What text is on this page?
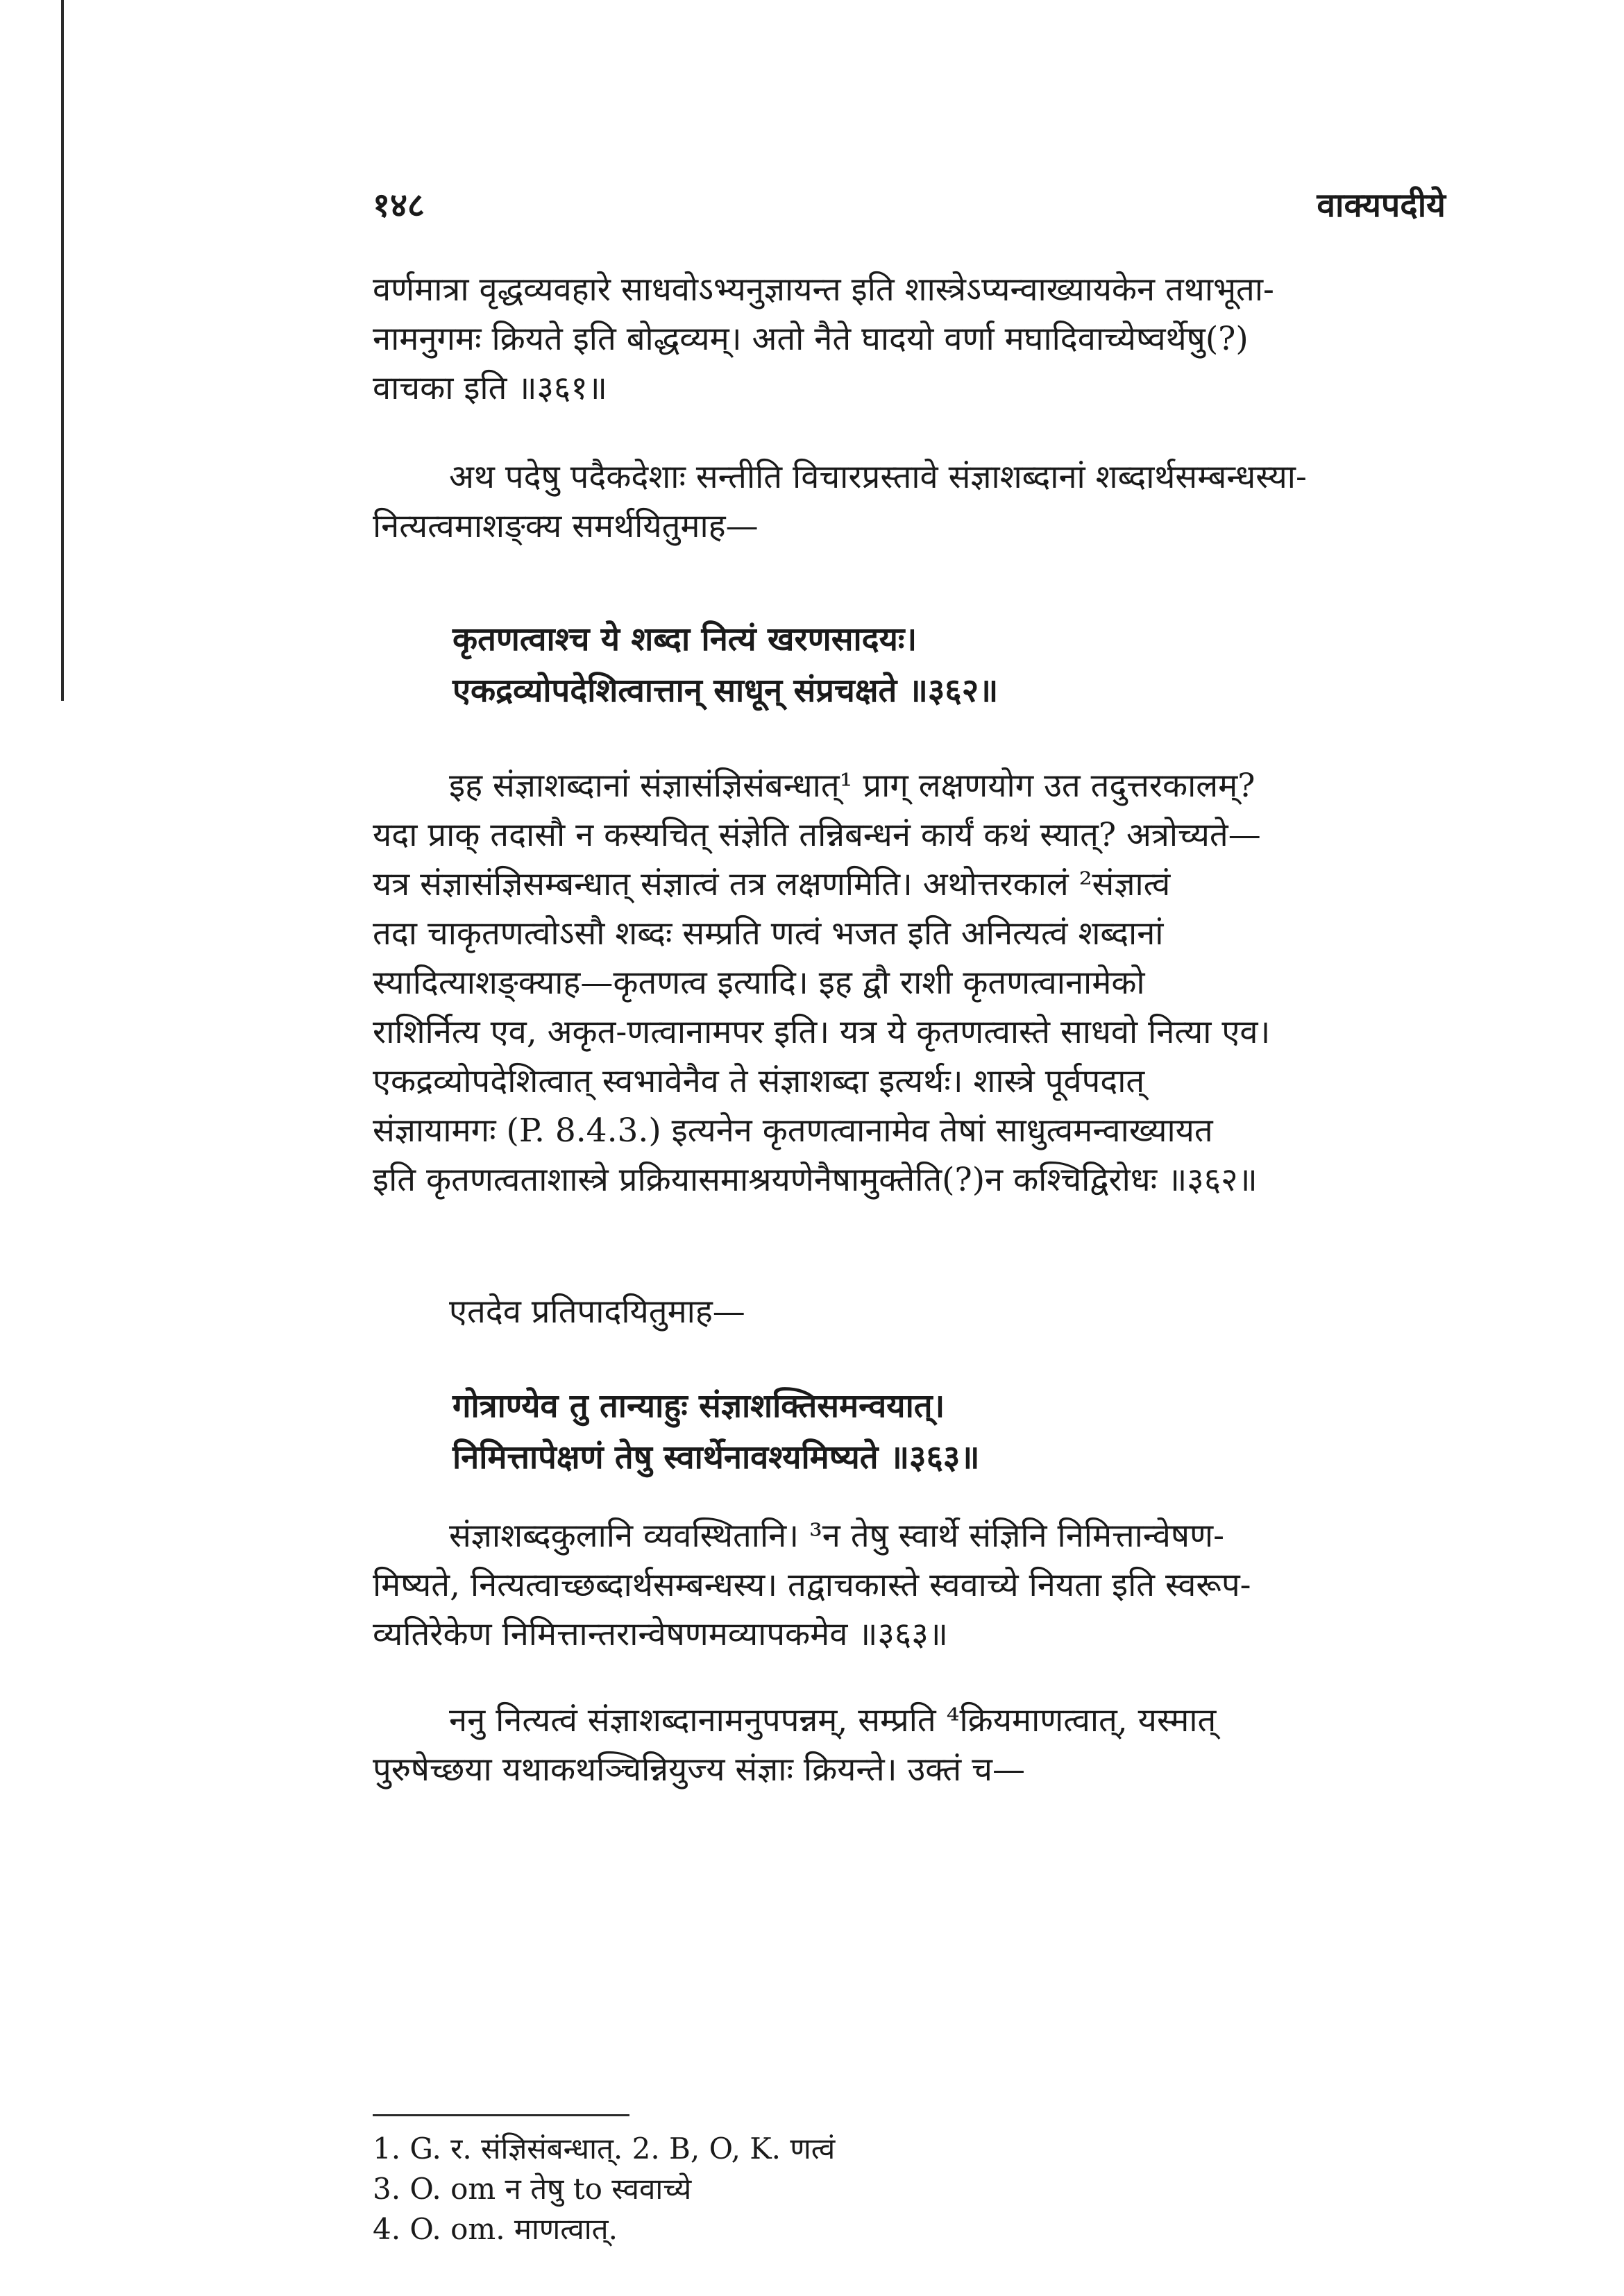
१४८	वाक्यपदीये
वर्णमात्रा वृद्धव्यवहारे साधवोऽभ्यनुज्ञायन्त इति शास्त्रेऽप्यन्वाख्यायकेन तथाभूता-
नामनुगमः क्रियते इति बोद्धव्यम्। अतो नैते घादयो वर्णा मघादिवाच्येष्वर्थेषु(?)
वाचका इति ॥३६१॥
अथ पदेषु पदैकदेशाः सन्तीति विचारप्रस्तावे संज्ञाशब्दानां शब्दार्थसम्बन्धस्या-
नित्यत्वमाशङ्क्य समर्थयितुमाह—
कृतणत्वाश्च ये शब्दा नित्यं खरणसादयः।
एकद्रव्योपदेशित्वात्तान् साधून् संप्रचक्षते ॥३६२॥
इह संज्ञाशब्दानां संज्ञासंज्ञिसंबन्धात्¹ प्राग् लक्षणयोग उत तदुत्तरकालम्?
यदा प्राक् तदासौ न कस्यचित् संज्ञेति तन्निबन्धनं कार्यं कथं स्यात्? अत्रोच्यते—
यत्र संज्ञासंज्ञिसम्बन्धात् संज्ञात्वं तत्र लक्षणमिति। अथोत्तरकालं ²संज्ञात्वं
तदा चाकृतणत्वोऽसौ शब्दः सम्प्रति णत्वं भजत इति अनित्यत्वं शब्दानां
स्यादित्याशङ्क्याह—कृतणत्व इत्यादि। इह द्वौ राशी कृतणत्वानामेको
राशिर्नित्य एव, अकृत-णत्वानामपर इति। यत्र ये कृतणत्वास्ते साधवो नित्या एव।
एकद्रव्योपदेशित्वात् स्वभावेनैव ते संज्ञाशब्दा इत्यर्थः। शास्त्रे पूर्वपदात्
संज्ञायामगः (P. 8.4.3.) इत्यनेन कृतणत्वानामेव तेषां साधुत्वमन्वाख्यायत
इति कृतणत्वताशास्त्रे प्रक्रियासमाश्रयणेनैषामुक्तेति(?)न कश्चिद्विरोधः ॥३६२॥
एतदेव प्रतिपादयितुमाह—
गोत्राण्येव तु तान्याहुः संज्ञाशक्तिसमन्वयात्।
निमित्तापेक्षणं तेषु स्वार्थेनावश्यमिष्यते ॥३६३॥
संज्ञाशब्दकुलानि व्यवस्थितानि। ³न तेषु स्वार्थे संज्ञिनि निमित्तान्वेषण-
मिष्यते, नित्यत्वाच्छब्दार्थसम्बन्धस्य। तद्वाचकास्ते स्ववाच्ये नियता इति स्वरूप-
व्यतिरेकेण निमित्तान्तरान्वेषणमव्यापकमेव ॥३६३॥
ननु नित्यत्वं संज्ञाशब्दानामनुपपन्नम्, सम्प्रति ⁴क्रियमाणत्वात्, यस्मात्
पुरुषेच्छया यथाकथञ्चिन्नियुज्य संज्ञाः क्रियन्ते। उक्तं च—
1. G. र. संज्ञिसंबन्धात्. 2. B, O, K. णत्वं
3. O. om न तेषु to स्ववाच्ये
4. O. om. माणत्वात्.
